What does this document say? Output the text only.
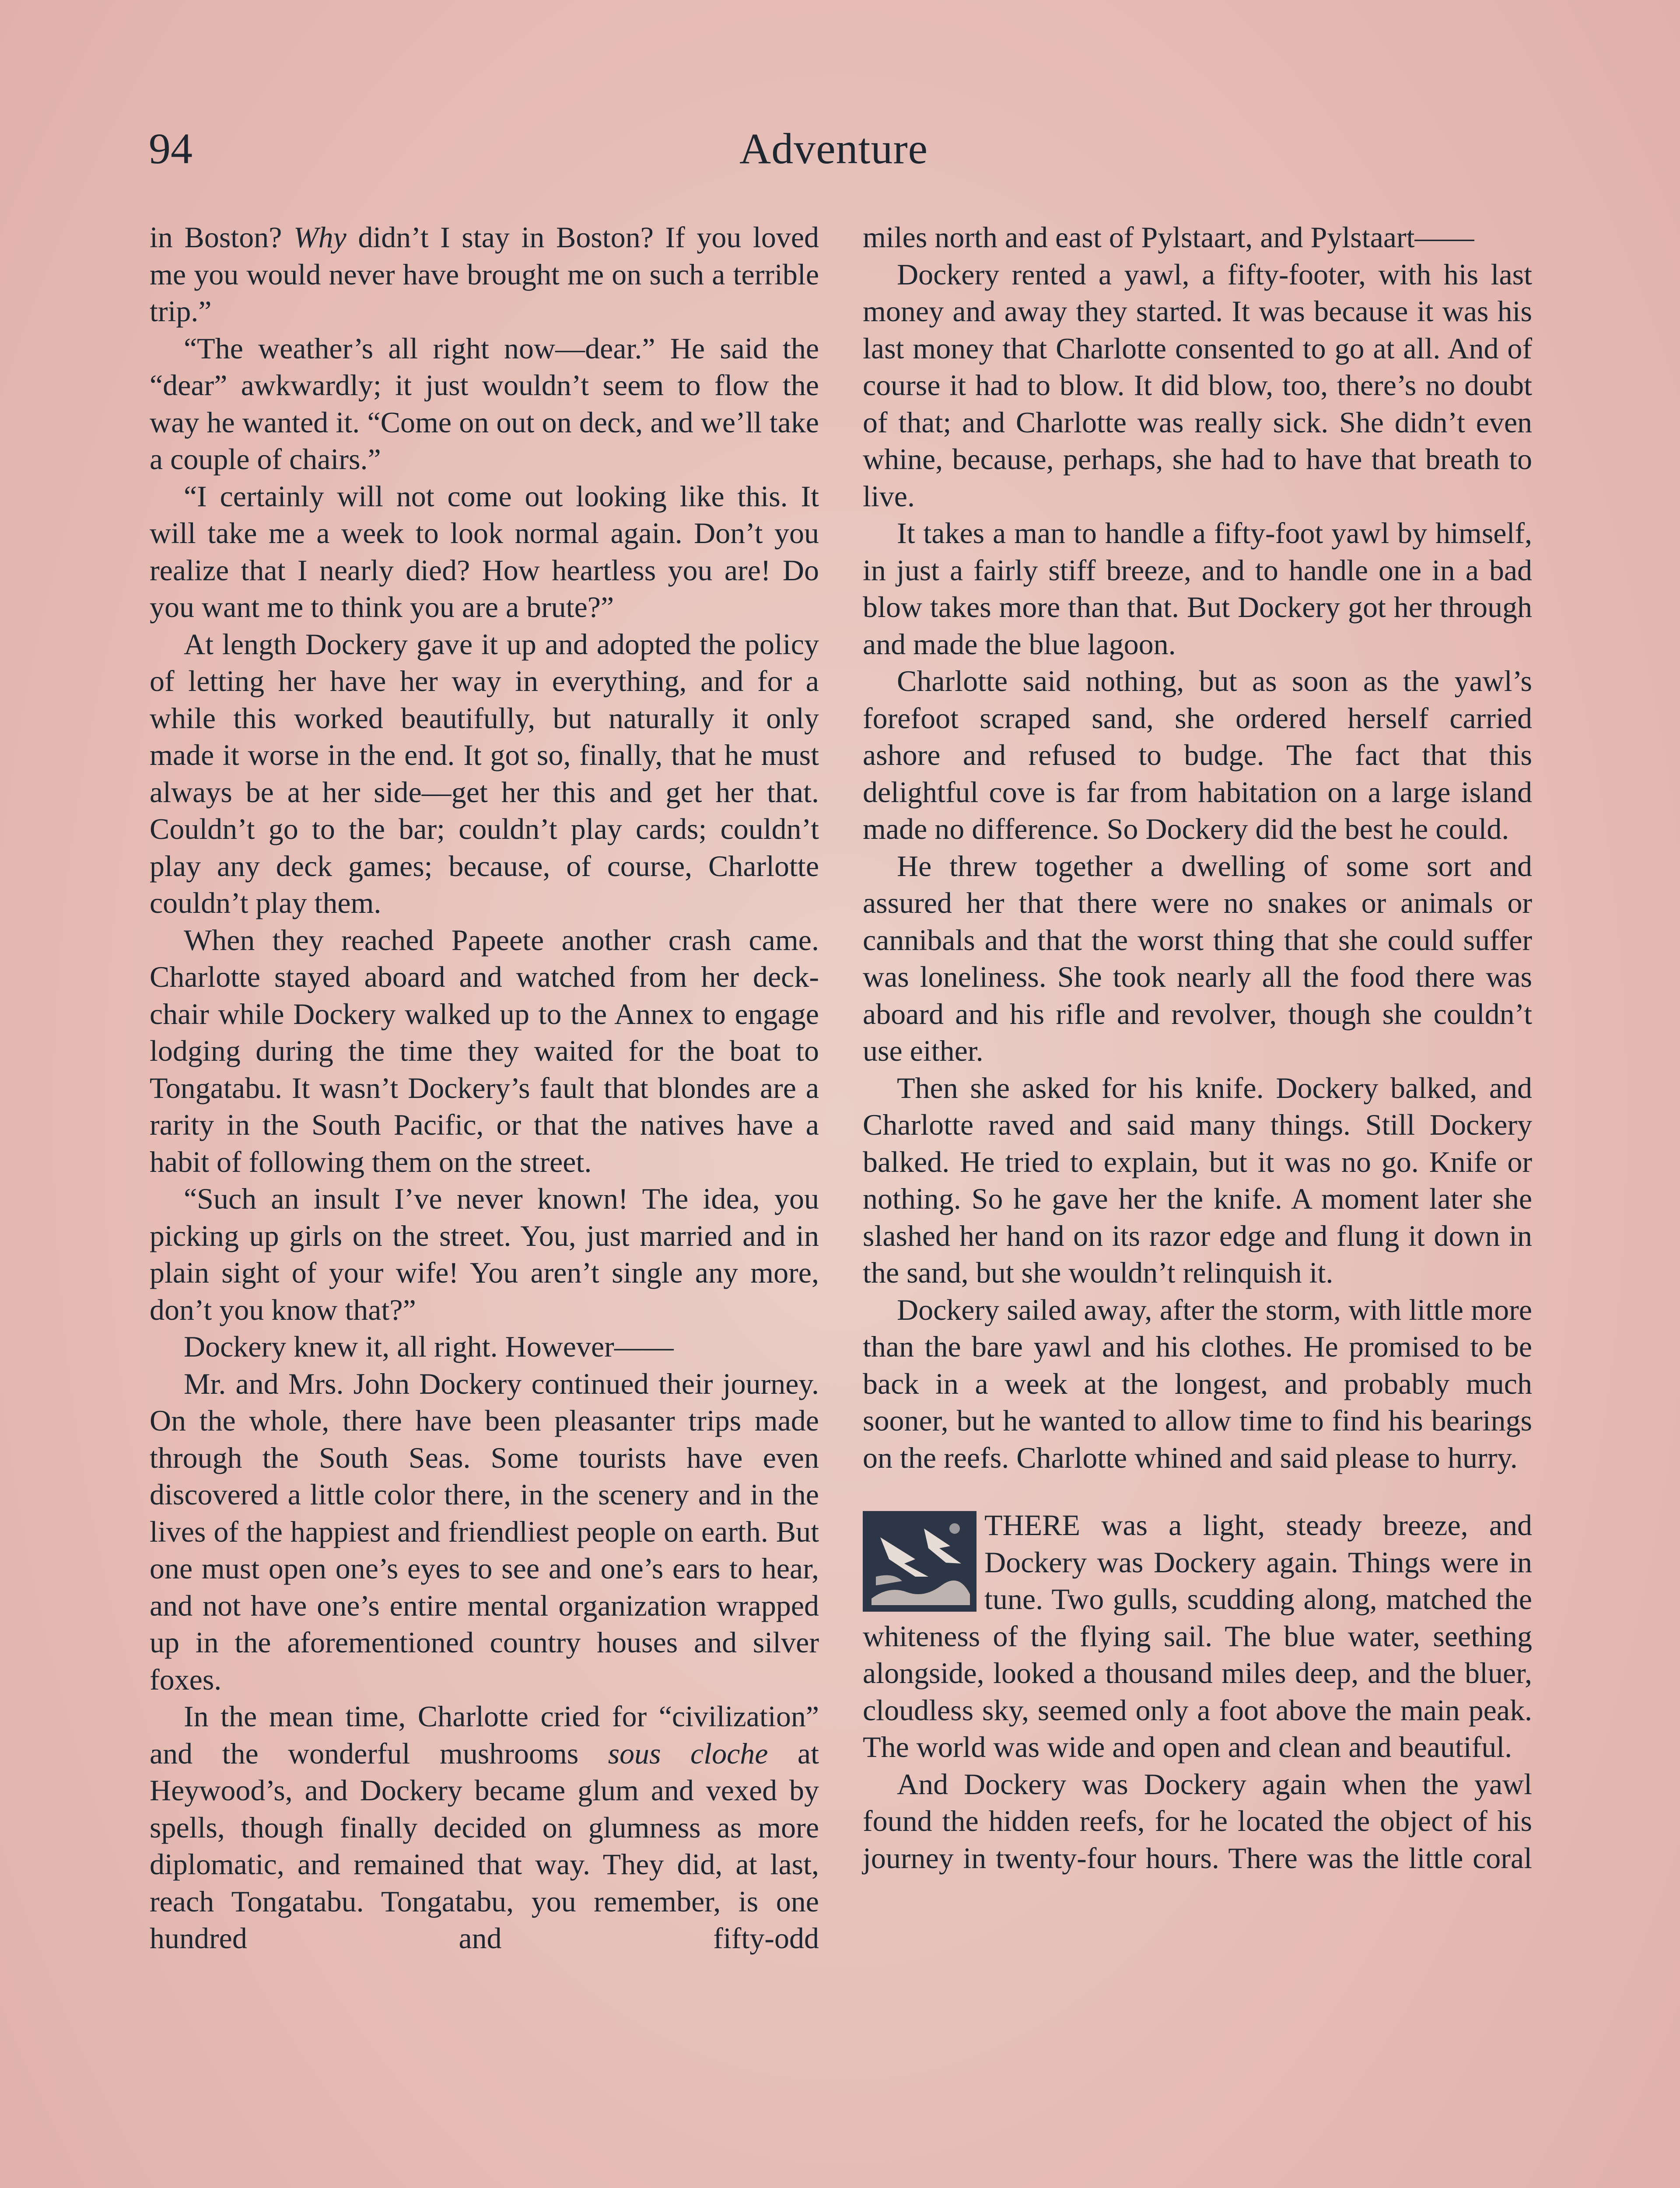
94	Adventure

in Boston? Why didn’t I stay in Boston? If you loved me you would never have brought me on such a terrible trip.”

“The weather’s all right now—dear.” He said the “dear” awkwardly; it just wouldn’t seem to flow the way he wanted it. “Come on out on deck, and we’ll take a couple of chairs.”

“I certainly will not come out looking like this. It will take me a week to look normal again. Don’t you realize that I nearly died? How heartless you are! Do you want me to think you are a brute?”

At length Dockery gave it up and adopted the policy of letting her have her way in everything, and for a while this worked beautifully, but naturally it only made it worse in the end. It got so, finally, that he must always be at her side—get her this and get her that. Couldn’t go to the bar; couldn’t play cards; couldn’t play any deck games; because, of course, Charlotte couldn’t play them.

When they reached Papeete another crash came. Charlotte stayed aboard and watched from her deck-chair while Dockery walked up to the Annex to engage lodging during the time they waited for the boat to Tongatabu. It wasn’t Dockery’s fault that blondes are a rarity in the South Pacific, or that the natives have a habit of following them on the street.

“Such an insult I’ve never known! The idea, you picking up girls on the street. You, just married and in plain sight of your wife! You aren’t single any more, don’t you know that?”

Dockery knew it, all right. However——

Mr. and Mrs. John Dockery continued their journey. On the whole, there have been pleasanter trips made through the South Seas. Some tourists have even discovered a little color there, in the scenery and in the lives of the happiest and friendliest people on earth. But one must open one’s eyes to see and one’s ears to hear, and not have one’s entire mental organization wrapped up in the aforementioned country houses and silver foxes.

In the mean time, Charlotte cried for “civilization” and the wonderful mushrooms sous cloche at Heywood’s, and Dockery became glum and vexed by spells, though finally decided on glumness as more diplomatic, and remained that way. They did, at last, reach Tongatabu. Tongatabu, you remember, is one hundred and fifty-odd

miles north and east of Pylstaart, and Pylstaart——

Dockery rented a yawl, a fifty-footer, with his last money and away they started. It was because it was his last money that Charlotte consented to go at all. And of course it had to blow. It did blow, too, there’s no doubt of that; and Charlotte was really sick. She didn’t even whine, because, perhaps, she had to have that breath to live.

It takes a man to handle a fifty-foot yawl by himself, in just a fairly stiff breeze, and to handle one in a bad blow takes more than that. But Dockery got her through and made the blue lagoon.

Charlotte said nothing, but as soon as the yawl’s forefoot scraped sand, she ordered herself carried ashore and refused to budge. The fact that this delightful cove is far from habitation on a large island made no difference. So Dockery did the best he could.

He threw together a dwelling of some sort and assured her that there were no snakes or animals or cannibals and that the worst thing that she could suffer was loneliness. She took nearly all the food there was aboard and his rifle and revolver, though she couldn’t use either.

Then she asked for his knife. Dockery balked, and Charlotte raved and said many things. Still Dockery balked. He tried to explain, but it was no go. Knife or nothing. So he gave her the knife. A moment later she slashed her hand on its razor edge and flung it down in the sand, but she wouldn’t relinquish it.

Dockery sailed away, after the storm, with little more than the bare yawl and his clothes. He promised to be back in a week at the longest, and probably much sooner, but he wanted to allow time to find his bearings on the reefs. Charlotte whined and said please to hurry.

THERE was a light, steady breeze, and Dockery was Dockery again. Things were in tune. Two gulls, scudding along, matched the whiteness of the flying sail. The blue water, seething alongside, looked a thousand miles deep, and the bluer, cloudless sky, seemed only a foot above the main peak. The world was wide and open and clean and beautiful.

And Dockery was Dockery again when the yawl found the hidden reefs, for he located the object of his journey in twenty-four hours. There was the little coral
